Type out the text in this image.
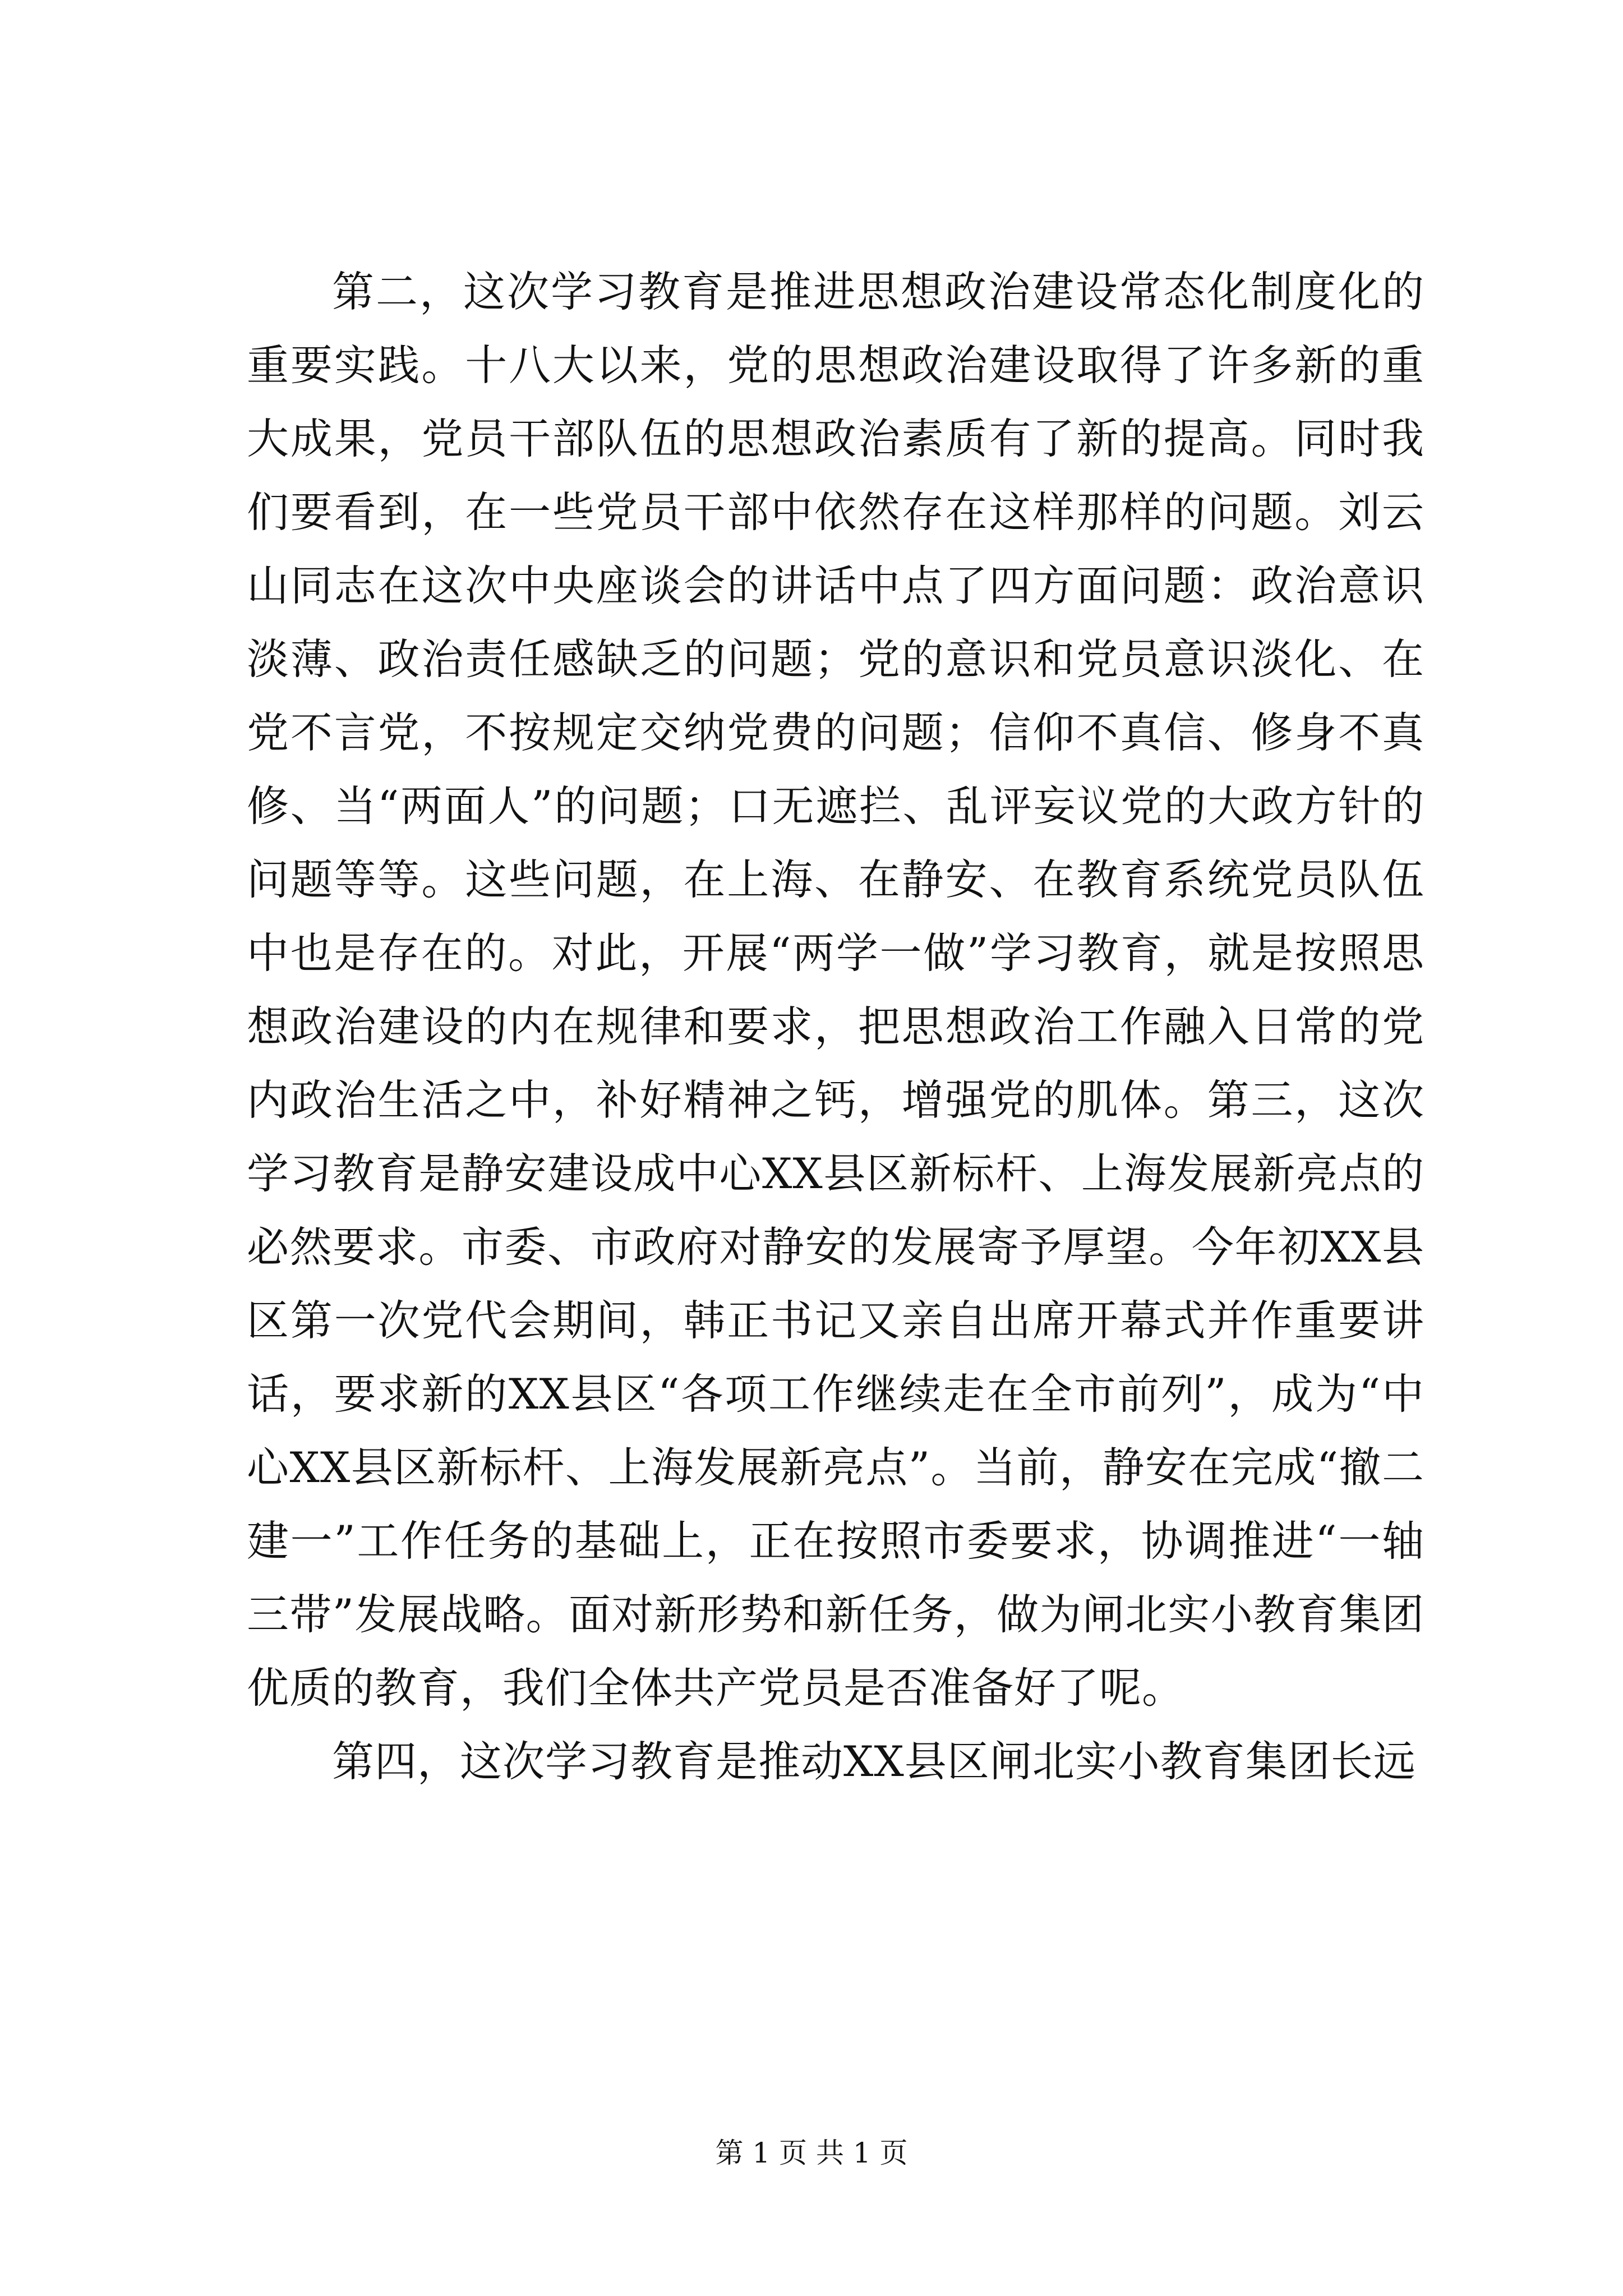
第二，这次学习教育是推进思想政治建设常态化制度化的重要实践。十八大以来，党的思想政治建设取得了许多新的重大成果，党员干部队伍的思想政治素质有了新的提高。同时我们要看到，在一些党员干部中依然存在这样那样的问题。刘云山同志在这次中央座谈会的讲话中点了四方面问题：政治意识淡薄、政治责任感缺乏的问题；党的意识和党员意识淡化、在党不言党，不按规定交纳党费的问题；信仰不真信、修身不真修、当“两面人”的问题；口无遮拦、乱评妄议党的大政方针的问题等等。这些问题，在上海、在静安、在教育系统党员队伍中也是存在的。对此，开展“两学一做”学习教育，就是按照思想政治建设的内在规律和要求，把思想政治工作融入日常的党内政治生活之中，补好精神之钙，增强党的肌体。第三，这次学习教育是静安建设成中心XX县区新标杆、上海发展新亮点的必然要求。市委、市政府对静安的发展寄予厚望。今年初XX县区第一次党代会期间，韩正书记又亲自出席开幕式并作重要讲话，要求新的XX县区“各项工作继续走在全市前列”，成为“中心XX县区新标杆、上海发展新亮点”。当前，静安在完成“撤二建一”工作任务的基础上，正在按照市委要求，协调推进“一轴三带”发展战略。面对新形势和新任务，做为闸北实小教育集团优质的教育，我们全体共产党员是否准备好了呢。

第四，这次学习教育是推动XX县区闸北实小教育集团长远

第 1 页 共 1 页
